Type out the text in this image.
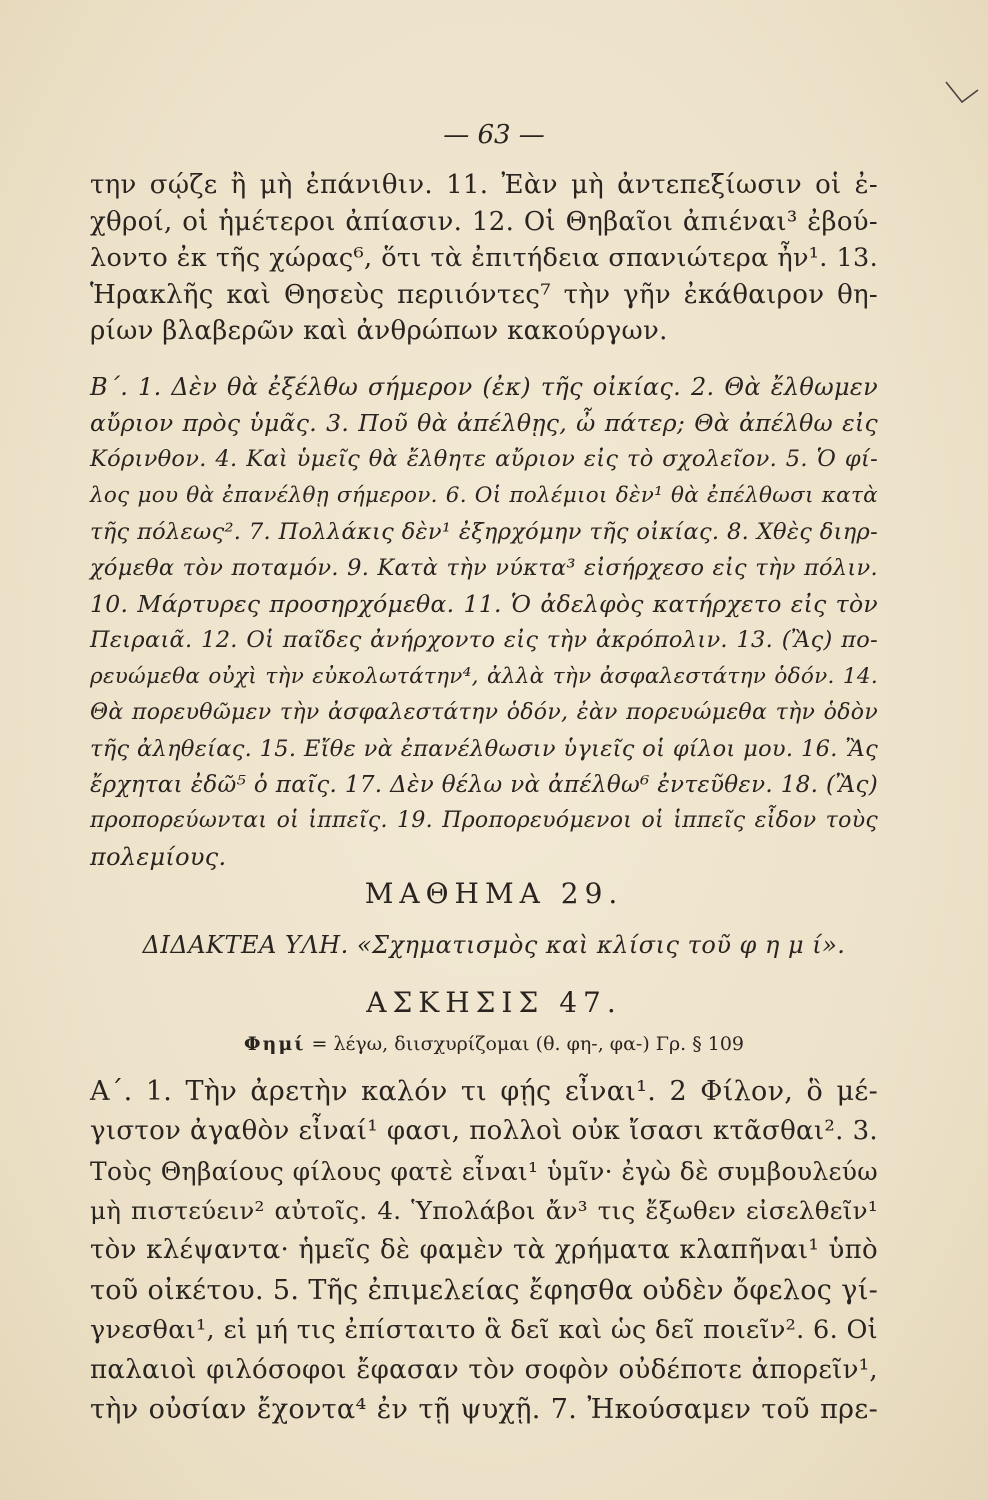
— 63 —
την σῴζε ἢ μὴ ἐπάνιθιν. 11. Ἐὰν μὴ ἀντεπεξίωσιν οἱ ἐ-
χθροί, οἱ ἡμέτεροι ἀπίασιν. 12. Οἱ Θηβαῖοι ἀπιέναι³ ἐβού-
λοντο ἐκ τῆς χώρας⁶, ὅτι τὰ ἐπιτήδεια σπανιώτερα ἦν¹. 13.
Ἡρακλῆς καὶ Θησεὺς περιιόντες⁷ τὴν γῆν ἐκάθαιρον θη-
ρίων βλαβερῶν καὶ ἀνθρώπων κακούργων.
Β΄. 1. Δὲν θὰ ἐξέλθω σήμερον (ἐκ) τῆς οἰκίας. 2. Θὰ ἔλθωμεν
αὔριον πρὸς ὑμᾶς. 3. Ποῦ θὰ ἀπέλθῃς, ὦ πάτερ; Θὰ ἀπέλθω εἰς
Κόρινθον. 4. Καὶ ὑμεῖς θὰ ἔλθητε αὔριον εἰς τὸ σχολεῖον. 5. Ὁ φί-
λος μου θὰ ἐπανέλθῃ σήμερον. 6. Οἱ πολέμιοι δὲν¹ θὰ ἐπέλθωσι κατὰ
τῆς πόλεως². 7. Πολλάκις δὲν¹ ἐξηρχόμην τῆς οἰκίας. 8. Χθὲς διηρ-
χόμεθα τὸν ποταμόν. 9. Κατὰ τὴν νύκτα³ εἰσήρχεσο εἰς τὴν πόλιν.
10. Μάρτυρες προσηρχόμεθα. 11. Ὁ ἀδελφὸς κατήρχετο εἰς τὸν
Πειραιᾶ. 12. Οἱ παῖδες ἀνήρχοντο εἰς τὴν ἀκρόπολιν. 13. (Ἂς) πο-
ρευώμεθα οὐχὶ τὴν εὐκολωτάτην⁴, ἀλλὰ τὴν ἀσφαλεστάτην ὁδόν. 14.
Θὰ πορευθῶμεν τὴν ἀσφαλεστάτην ὁδόν, ἐὰν πορευώμεθα τὴν ὁδὸν
τῆς ἀληθείας. 15. Εἴθε νὰ ἐπανέλθωσιν ὑγιεῖς οἱ φίλοι μου. 16. Ἂς
ἔρχηται ἐδῶ⁵ ὁ παῖς. 17. Δὲν θέλω νὰ ἀπέλθω⁶ ἐντεῦθεν. 18. (Ἂς)
προπορεύωνται οἱ ἱππεῖς. 19. Προπορευόμενοι οἱ ἱππεῖς εἶδον τοὺς
πολεμίους.
ΜΑΘΗΜΑ 29.
ΔΙΔΑΚΤΕΑ ΥΛΗ. «Σχηματισμὸς καὶ κλίσις τοῦ φ η μ ί».
ΑΣΚΗΣΙΣ 47.
Φημί = λέγω, διισχυρίζομαι (θ. φη-, φα-) Γρ. § 109
Α΄. 1. Τὴν ἀρετὴν καλόν τι φῄς εἶναι¹. 2 Φίλον, ὃ μέ-
γιστον ἀγαθὸν εἶναί¹ φασι, πολλοὶ οὐκ ἴσασι κτᾶσθαι². 3.
Τοὺς Θηβαίους φίλους φατὲ εἶναι¹ ὑμῖν· ἐγὼ δὲ συμβουλεύω
μὴ πιστεύειν² αὐτοῖς. 4. Ὑπολάβοι ἄν³ τις ἔξωθεν εἰσελθεῖν¹
τὸν κλέψαντα· ἡμεῖς δὲ φαμὲν τὰ χρήματα κλαπῆναι¹ ὑπὸ
τοῦ οἰκέτου. 5. Τῆς ἐπιμελείας ἔφησθα οὐδὲν ὄφελος γί-
γνεσθαι¹, εἰ μή τις ἐπίσταιτο ἃ δεῖ καὶ ὡς δεῖ ποιεῖν². 6. Οἱ
παλαιοὶ φιλόσοφοι ἔφασαν τὸν σοφὸν οὐδέποτε ἀπορεῖν¹,
τὴν οὐσίαν ἔχοντα⁴ ἐν τῇ ψυχῇ. 7. Ἠκούσαμεν τοῦ πρε-
